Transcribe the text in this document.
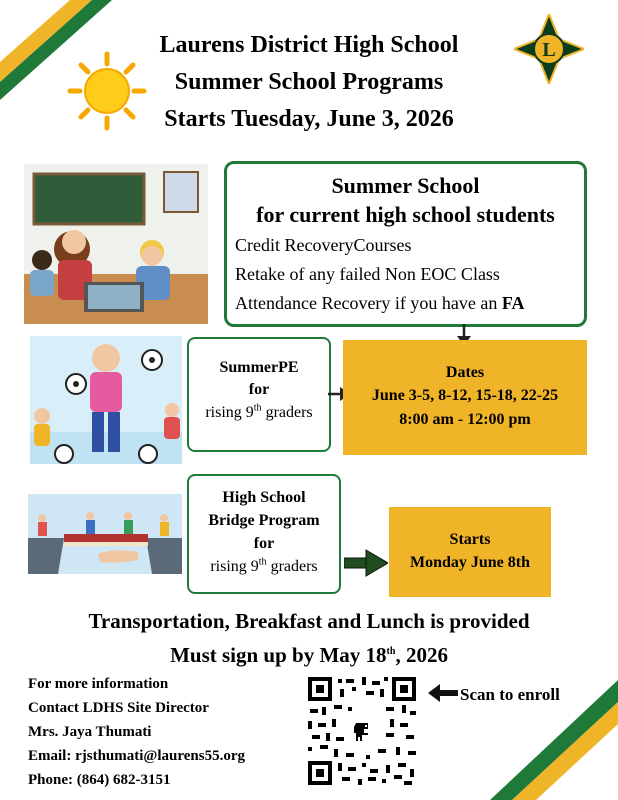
L
Laurens District High School
Summer School Programs
Starts Tuesday, June 3, 2026
Summer School
for current high school students
Credit RecoveryCourses
Retake of any failed Non EOC Class
Attendance Recovery if you have an FA
SummerPE
for
rising 9th graders
Dates
June 3-5, 8-12, 15-18, 22-25
8:00 am - 12:00 pm
High School
Bridge Program
for
rising 9th graders
Starts
Monday June 8th
Transportation, Breakfast and Lunch is provided
Must sign up by May 18th, 2026
For more information
Contact LDHS Site Director
Mrs. Jaya Thumati
Email: rjsthumati@laurens55.org
Phone: (864) 682-3151
Scan to enroll
